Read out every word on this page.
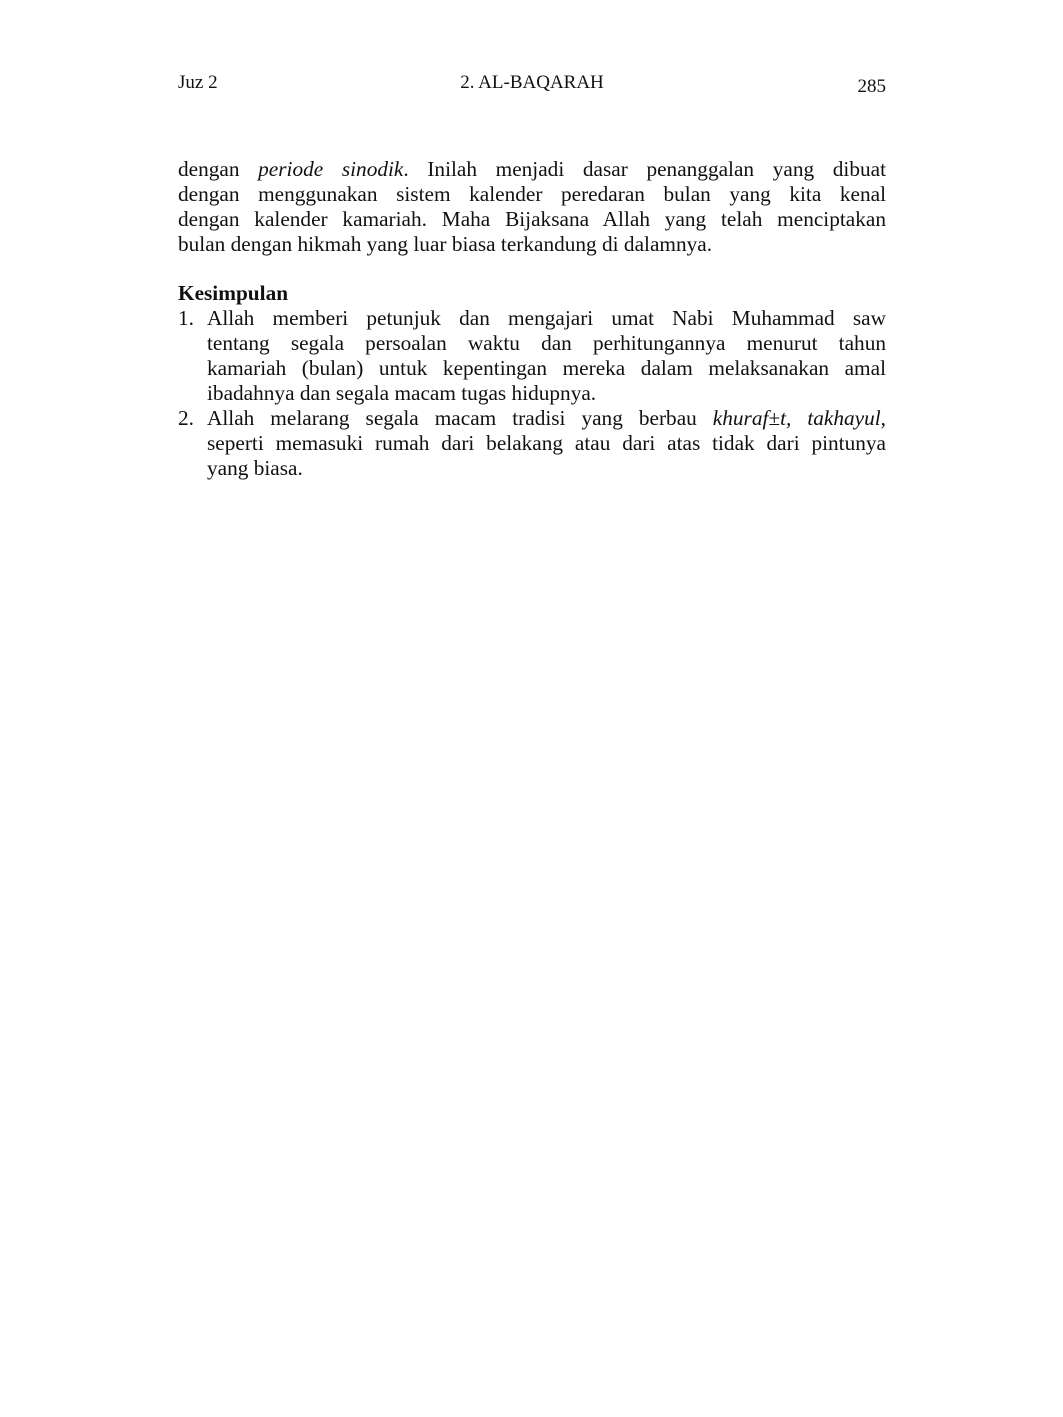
Juz 2	2. AL-BAQARAH	285

dengan periode sinodik. Inilah menjadi dasar penanggalan yang dibuat
dengan menggunakan sistem kalender peredaran bulan yang kita kenal
dengan kalender kamariah. Maha Bijaksana Allah yang telah menciptakan
bulan dengan hikmah yang luar biasa terkandung di dalamnya.

Kesimpulan
1. Allah memberi petunjuk dan mengajari umat Nabi Muhammad saw
tentang segala persoalan waktu dan perhitungannya menurut tahun
kamariah (bulan) untuk kepentingan mereka dalam melaksanakan amal
ibadahnya dan segala macam tugas hidupnya.
2. Allah melarang segala macam tradisi yang berbau khuraf±t, takhayul,
seperti memasuki rumah dari belakang atau dari atas tidak dari pintunya
yang biasa.
